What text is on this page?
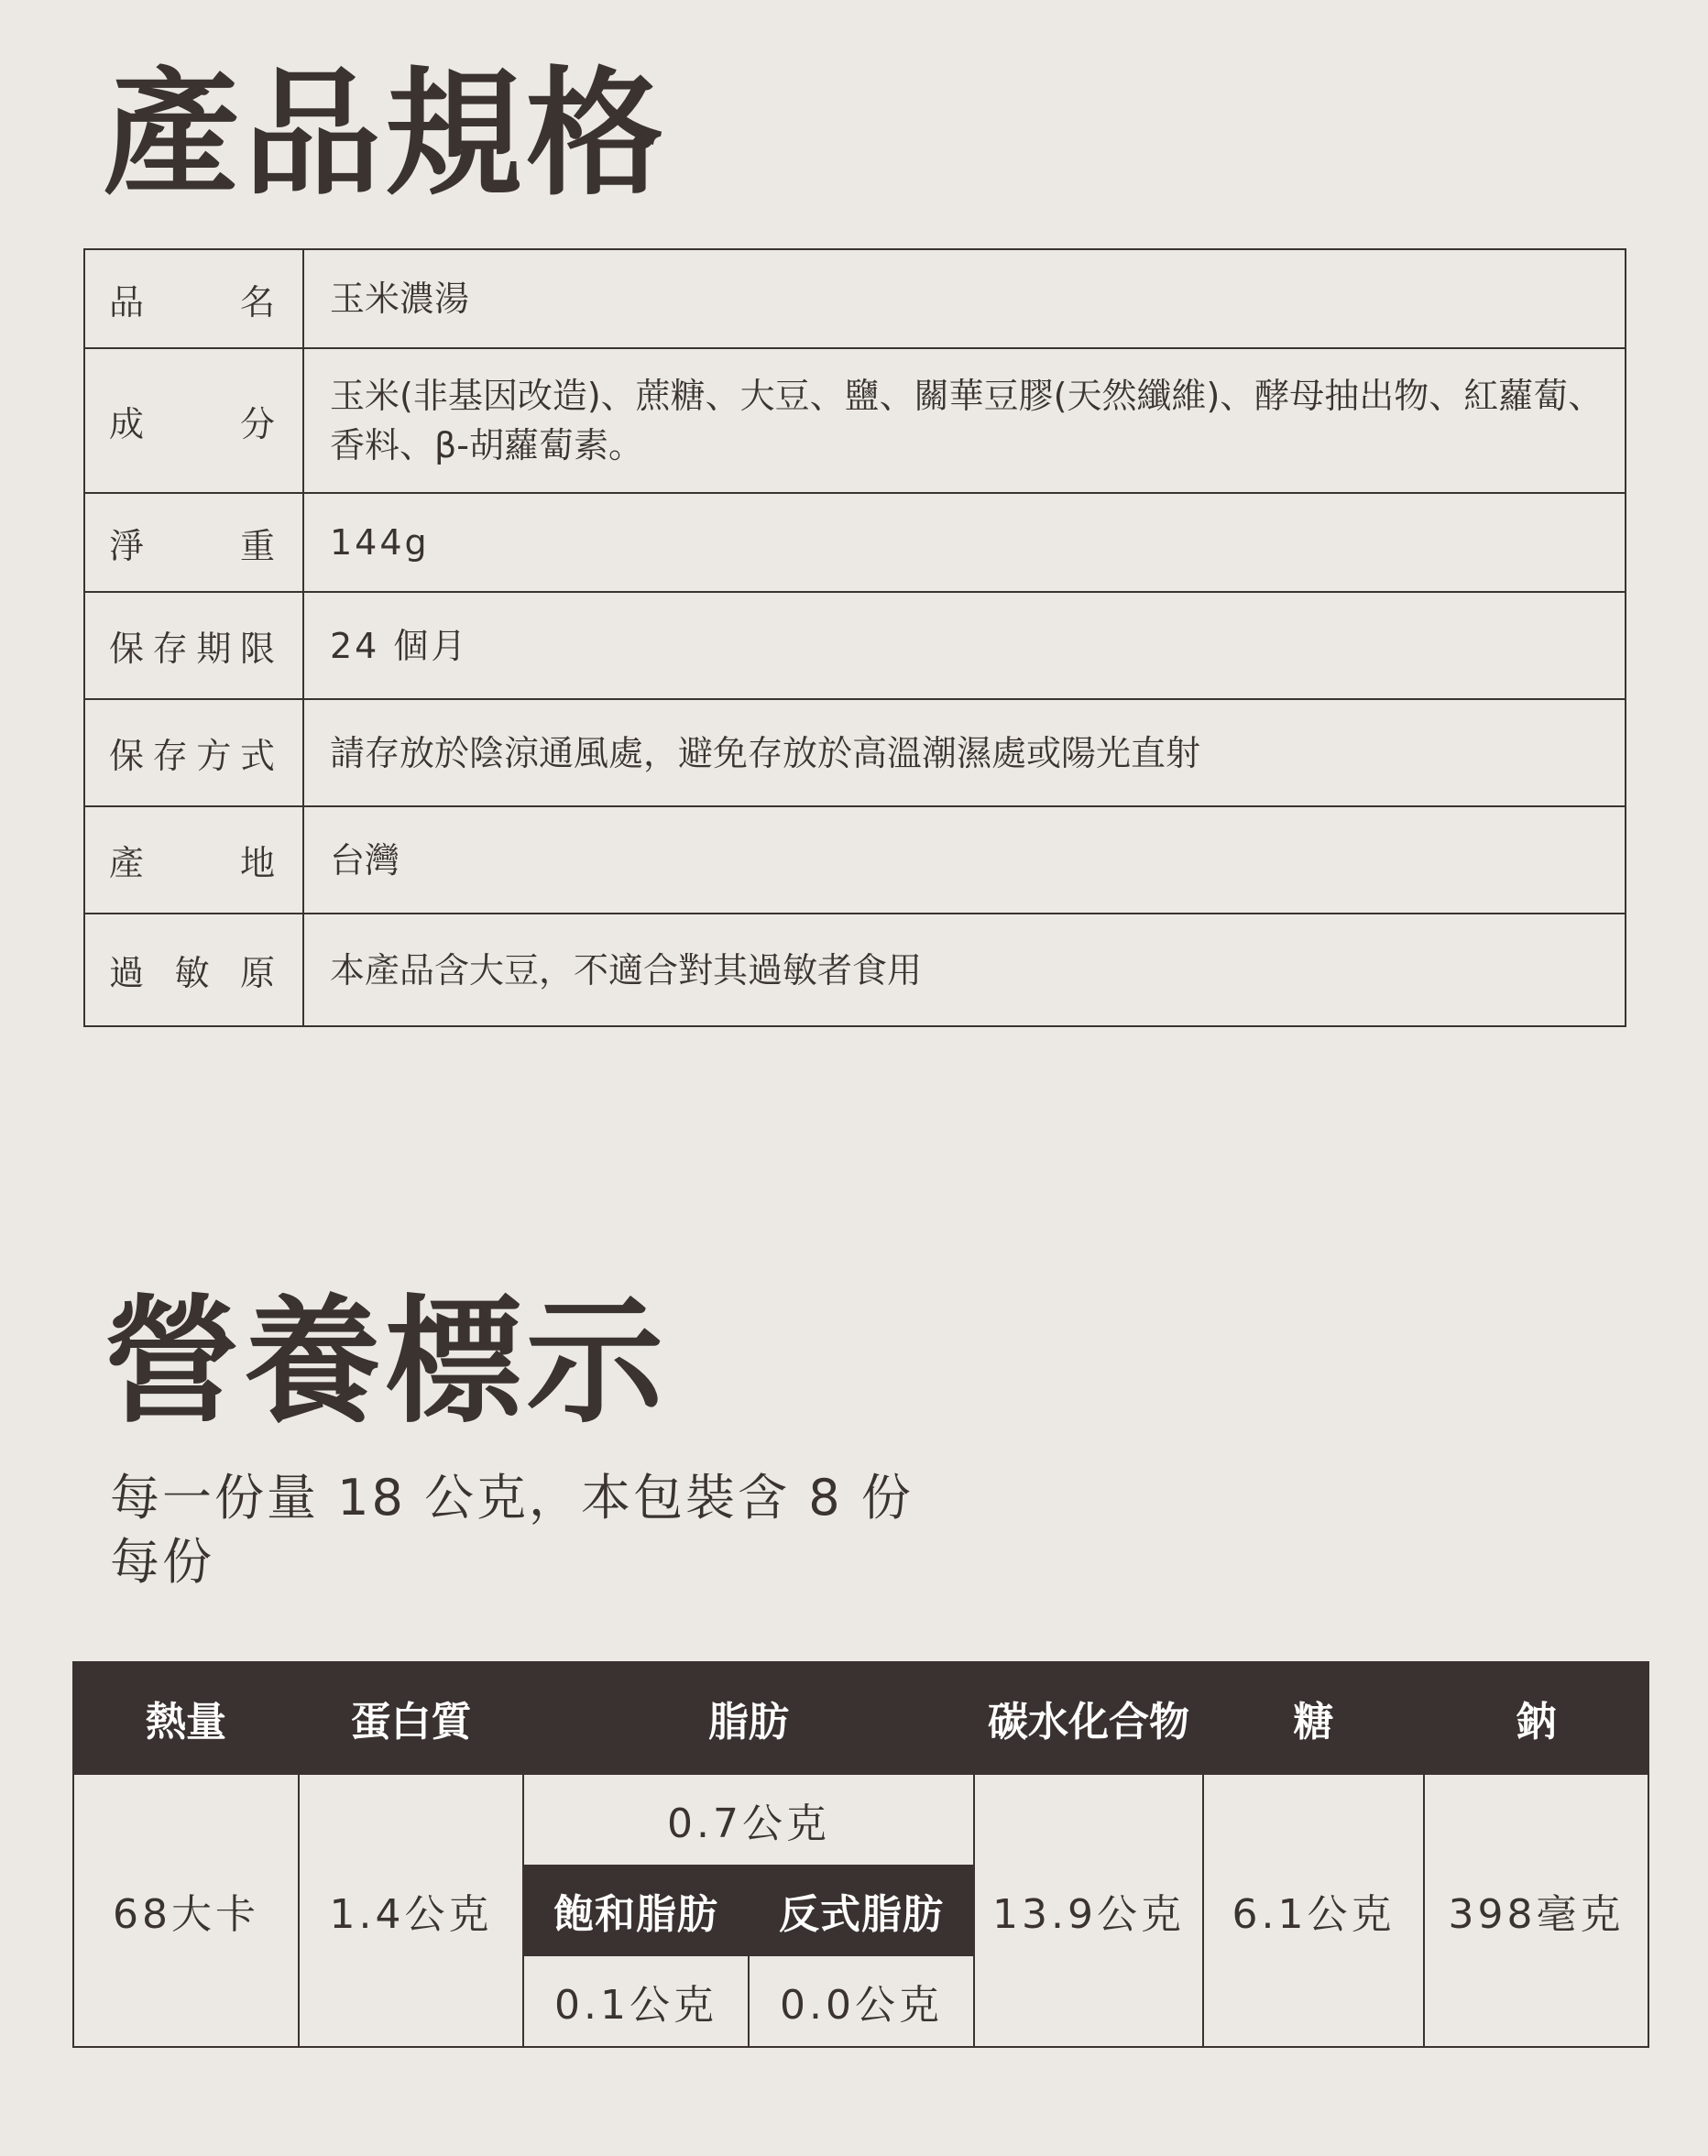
產品規格
品名	玉米濃湯
成分	玉米(非基因改造)、蔗糖、大豆、鹽、關華豆膠(天然纖維)、酵母抽出物、紅蘿蔔、香料、β-胡蘿蔔素。
淨重	144g
保存期限	24 個月
保存方式	請存放於陰涼通風處，避免存放於高溫潮濕處或陽光直射
產地	台灣
過敏原	本產品含大豆，不適合對其過敏者食用
營養標示
每一份量 18 公克，本包裝含 8 份
每份
熱量	蛋白質	脂肪		碳水化合物	糖	鈉
68大卡	1.4公克	0.7公克		13.9公克	6.1公克	398毫克
		飽和脂肪	反式脂肪			
		0.1公克	0.0公克			
